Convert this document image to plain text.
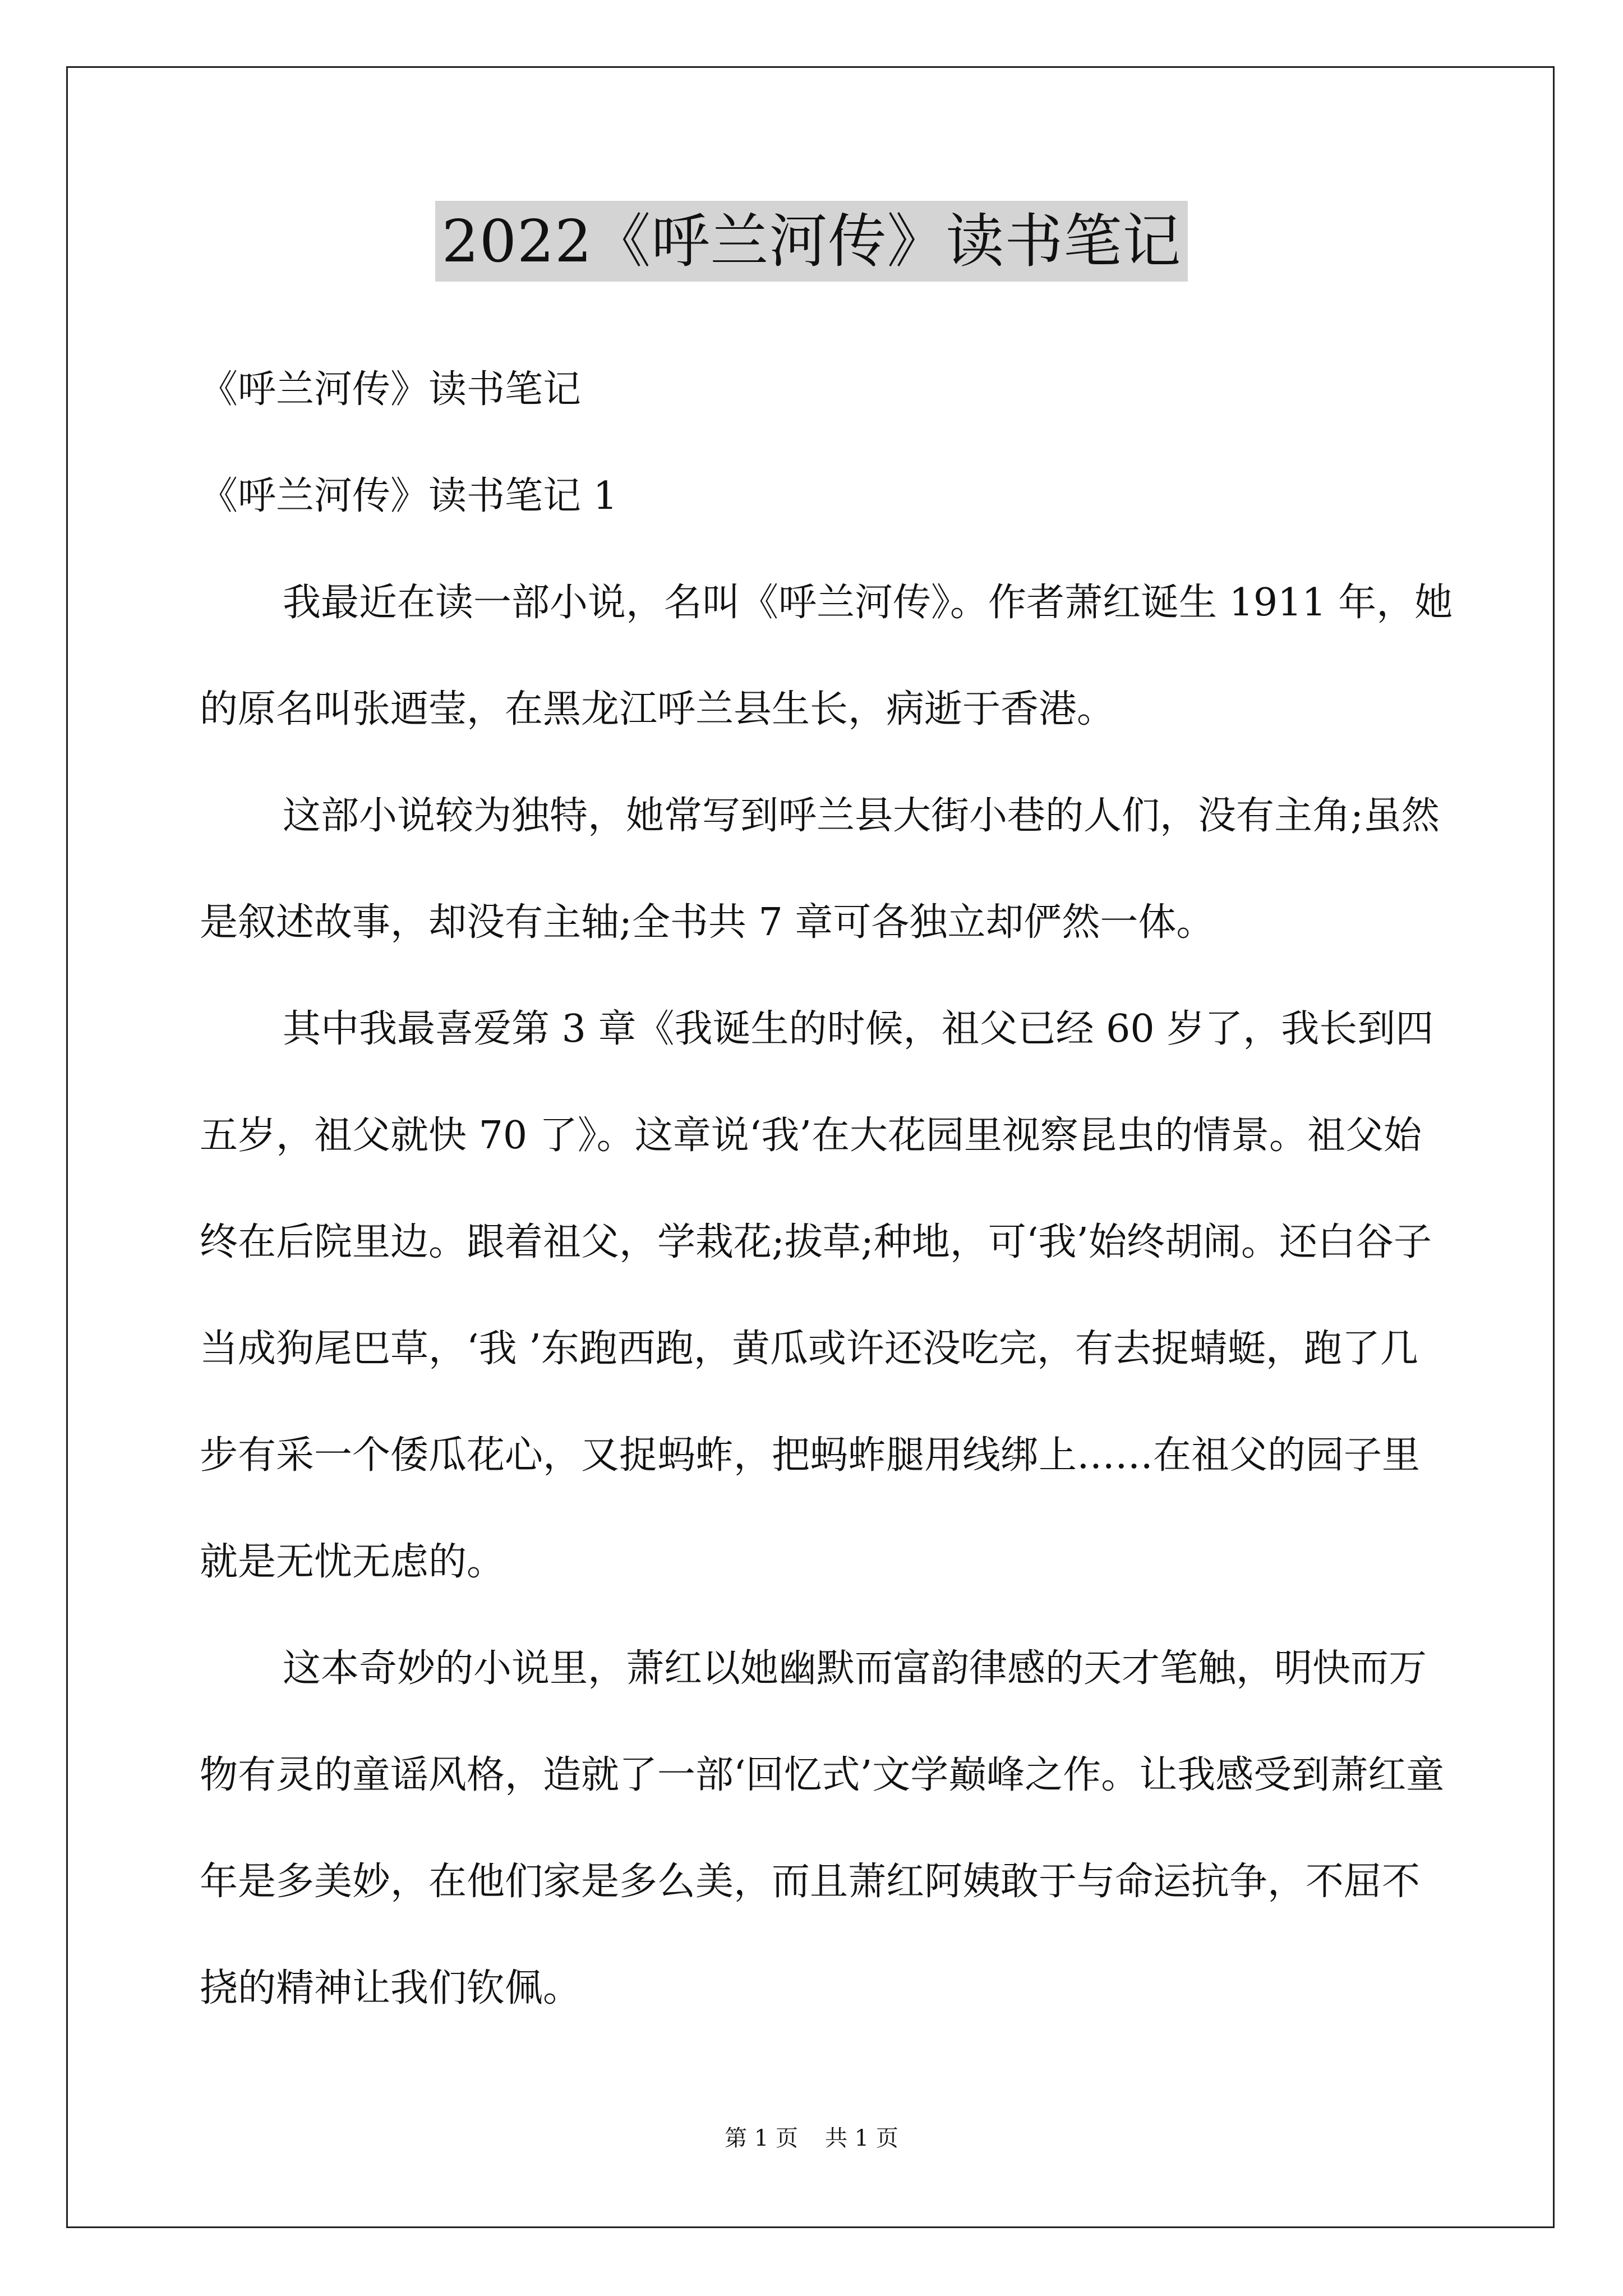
2022《呼兰河传》读书笔记

《呼兰河传》读书笔记

《呼兰河传》读书笔记 1

我最近在读一部小说，名叫《呼兰河传》。作者萧红诞生 1911 年，她的原名叫张迺莹，在黑龙江呼兰县生长，病逝于香港。

这部小说较为独特，她常写到呼兰县大街小巷的人们，没有主角;虽然是叙述故事，却没有主轴;全书共 7 章可各独立却俨然一体。

其中我最喜爱第 3 章《我诞生的时候，祖父已经 60 岁了，我长到四五岁，祖父就快 70 了》。这章说‘我’在大花园里视察昆虫的情景。祖父始终在后院里边。跟着祖父，学栽花;拔草;种地，可‘我’始终胡闹。还白谷子当成狗尾巴草，‘我 ’东跑西跑，黄瓜或许还没吃完，有去捉蜻蜓，跑了几步有采一个倭瓜花心，又捉蚂蚱，把蚂蚱腿用线绑上……在祖父的园子里就是无忧无虑的。

这本奇妙的小说里，萧红以她幽默而富韵律感的天才笔触，明快而万物有灵的童谣风格，造就了一部‘回忆式’文学巅峰之作。让我感受到萧红童年是多美妙，在他们家是多么美，而且萧红阿姨敢于与命运抗争，不屈不挠的精神让我们钦佩。

第 1 页 共 1 页
